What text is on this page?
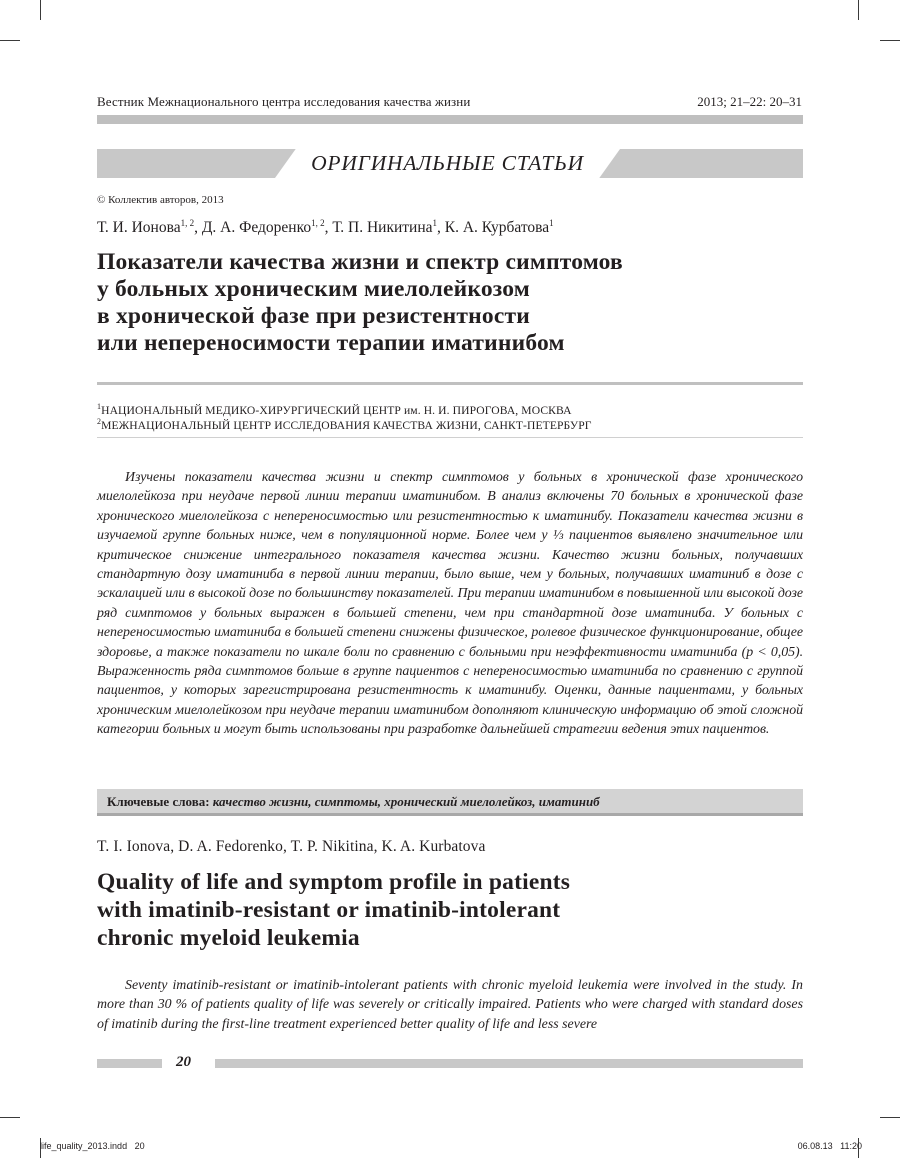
Вестник Межнационального центра исследования качества жизни	2013; 21–22: 20–31
ОРИГИНАЛЬНЫЕ СТАТЬИ
© Коллектив авторов, 2013
Т. И. Ионова$^{1, 2}$, Д. А. Федоренко$^{1, 2}$, Т. П. Никитина$^1$, К. А. Курбатова$^1$
Показатели качества жизни и спектр симптомов
у больных хроническим миелолейкозом
в хронической фазе при резистентности
или непереносимости терапии иматинибом
$^1$НАЦИОНАЛЬНЫЙ МЕДИКО-ХИРУРГИЧЕСКИЙ ЦЕНТР им. Н. И. ПИРОГОВА, МОСКВА
$^2$МЕЖНАЦИОНАЛЬНЫЙ ЦЕНТР ИССЛЕДОВАНИЯ КАЧЕСТВА ЖИЗНИ, САНКТ-ПЕТЕРБУРГ
Изучены показатели качества жизни и спектр симптомов у больных в хронической фазе хронического миелолейкоза при неудаче первой линии терапии иматинибом. В анализ включены 70 больных в хронической фазе хронического миелолейкоза с непереносимостью или резистентностью к иматинибу. Показатели качества жизни в изучаемой группе больных ниже, чем в популяционной норме. Более чем у ⅓ пациентов выявлено значительное или критическое снижение интегрального показателя качества жизни. Качество жизни больных, получавших стандартную дозу иматиниба в первой линии терапии, было выше, чем у больных, получавших иматиниб в дозе с эскалацией или в высокой дозе по большинству показателей. При терапии иматинибом в повышенной или высокой дозе ряд симптомов у больных выражен в большей степени, чем при стандартной дозе иматиниба. У больных с непереносимостью иматиниба в большей степени снижены физическое, ролевое физическое функционирование, общее здоровье, а также показатели по шкале боли по сравнению с больными при неэффективности иматиниба (p < 0,05). Выраженность ряда симптомов больше в группе пациентов с непереносимостью иматиниба по сравнению с группой пациентов, у которых зарегистрирована резистентность к иматинибу. Оценки, данные пациентами, у больных хроническим миелолейкозом при неудаче терапии иматинибом дополняют клиническую информацию об этой сложной категории больных и могут быть использованы при разработке дальнейшей стратегии ведения этих пациентов.
Ключевые слова: качество жизни, симптомы, хронический миелолейкоз, иматиниб
T. I. Ionova, D. A. Fedorenko, T. P. Nikitina, K. A. Kurbatova
Quality of life and symptom profile in patients
with imatinib-resistant or imatinib-intolerant
chronic myeloid leukemia
Seventy imatinib-resistant or imatinib-intolerant patients with chronic myeloid leukemia were involved in the study. In more than 30 % of patients quality of life was severely or critically impaired. Patients who were charged with standard doses of imatinib during the first-line treatment experienced better quality of life and less severe
20
life_quality_2013.indd   20	06.08.13   11:20
